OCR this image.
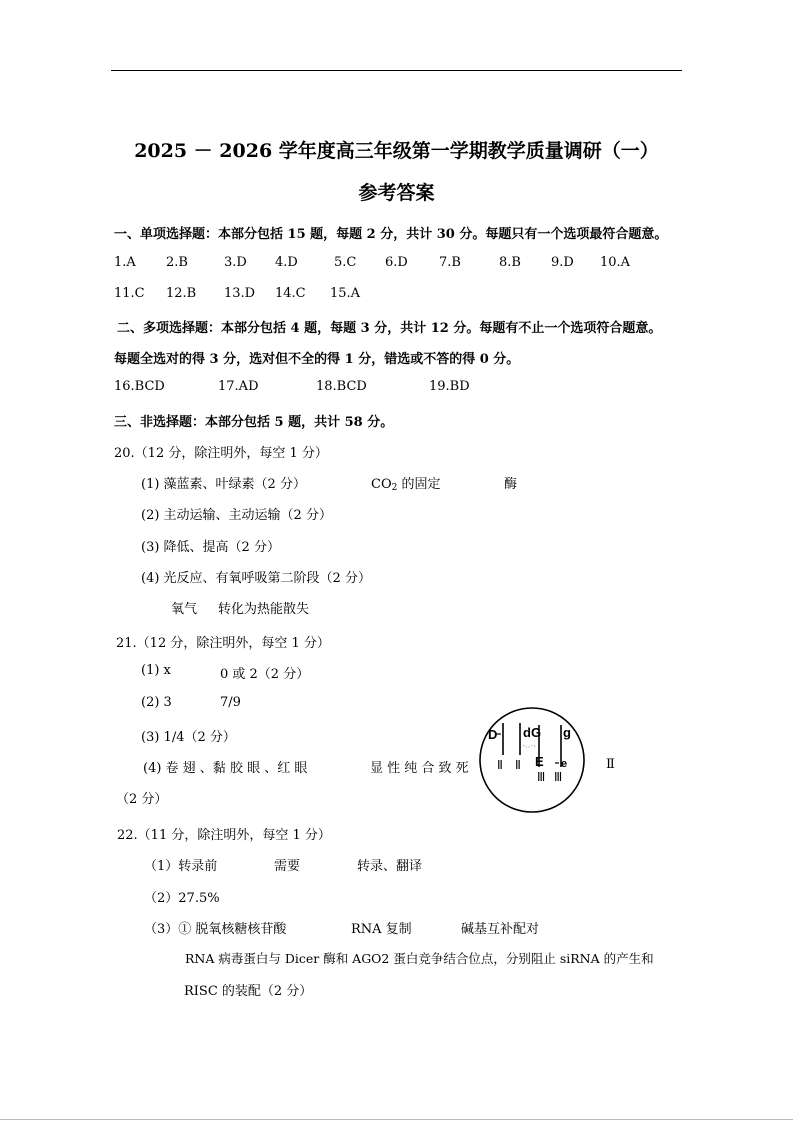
2025 － 2026 学年度高三年级第一学期教学质量调研（一）
参考答案
一、单项选择题：本部分包括 15 题，每题 2 分，共计 30 分。每题只有一个选项最符合题意。
1.A 2.B	3.D 4.D	5.C 6.D 7.B	8.B 9.D 10.A
11.C 12.B 13.D 14.C 15.A
二、多项选择题：本部分包括 4 题，每题 3 分，共计 12 分。每题有不止一个选项符合题意。
每题全选对的得 3 分，选对但不全的得 1 分，错选或不答的得 0 分。
16.BCD	17.AD	18.BCD	19.BD
三、非选择题：本部分包括 5 题，共计 58 分。
20.（12 分，除注明外，每空 1 分）
(1) 藻蓝素、叶绿素（2 分）	$CO_2$ 的固定	酶
(2) 主动运输、主动运输（2 分）
(3) 降低、提高（2 分）
(4) 光反应、有氧呼吸第二阶段（2 分）
氧气 转化为热能散失
21.（12 分，除注明外，每空 1 分）
(1) x	0 或 2（2 分）
(2) 3	7/9
(3) 1/4（2 分）
(4) 卷 翅 、黏 胶 眼 、红 眼	显 性 纯 合 致 死	Ⅱ
（2 分）
D dG g
E e
Ⅱ Ⅱ
Ⅲ Ⅲ
22.（11 分，除注明外，每空 1 分）
（1）转录前	需要	转录、翻译
（2）27.5%
（3）① 脱氧核糖核苷酸	RNA 复制	碱基互补配对
RNA 病毒蛋白与 Dicer 酶和 AGO2 蛋白竞争结合位点，分别阻止 siRNA 的产生和
RISC 的装配（2 分）
